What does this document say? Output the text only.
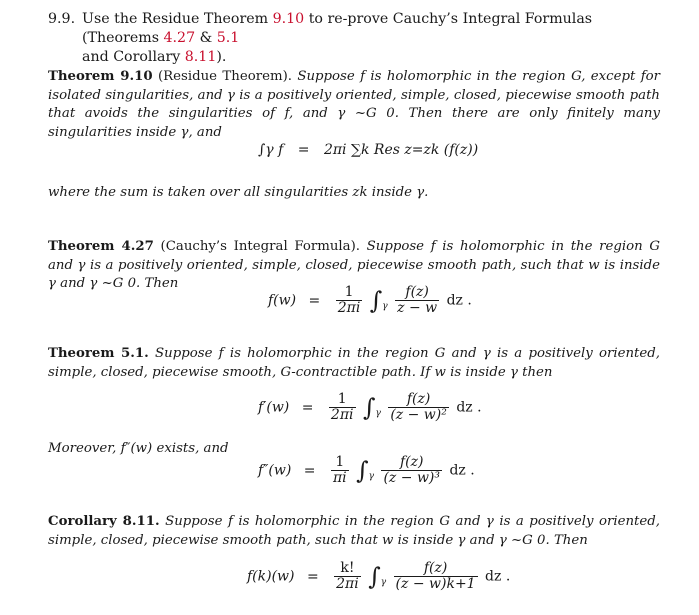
9.9. Use the Residue Theorem 9.10 to re-prove Cauchy’s Integral Formulas (Theorems 4.27 & 5.1
and Corollary 8.11).
Theorem 9.10 (Residue Theorem). Suppose f is holomorphic in the region G, except for isolated singularities, and γ is a positively oriented, simple, closed, piecewise smooth path that avoids the singularities of f, and γ ~G 0. Then there are only finitely many singularities inside γ, and
∫γ f = 2πi ∑k Res z=zk (f(z))
where the sum is taken over all singularities zk inside γ.
Theorem 4.27 (Cauchy’s Integral Formula). Suppose f is holomorphic in the region G and γ is a positively oriented, simple, closed, piecewise smooth path, such that w is inside γ and γ ~G 0. Then
$f(w) = \frac{1}{2\pi i} \int_\gamma \frac{f(z)}{z - w}$ dz .
Theorem 5.1. Suppose f is holomorphic in the region G and γ is a positively oriented, simple, closed, piecewise smooth, G-contractible path. If w is inside γ then
$f'(w) = \frac{1}{2\pi i} \int_\gamma \frac{f(z)}{\text{(z − w)²}}$ dz .
Moreover, f″(w) exists, and
$f''(w) = \frac{1}{\pi i} \int_\gamma \frac{f(z)}{\text{(z − w)³}}$ dz .
Corollary 8.11. Suppose f is holomorphic in the region G and γ is a positively oriented, simple, closed, piecewise smooth path, such that w is inside γ and γ ~G 0. Then
$f(k)(w) = \frac{k!}{2\pi i} \int_\gamma \frac{f(z)}{(z - w)k+1}$ dz .
